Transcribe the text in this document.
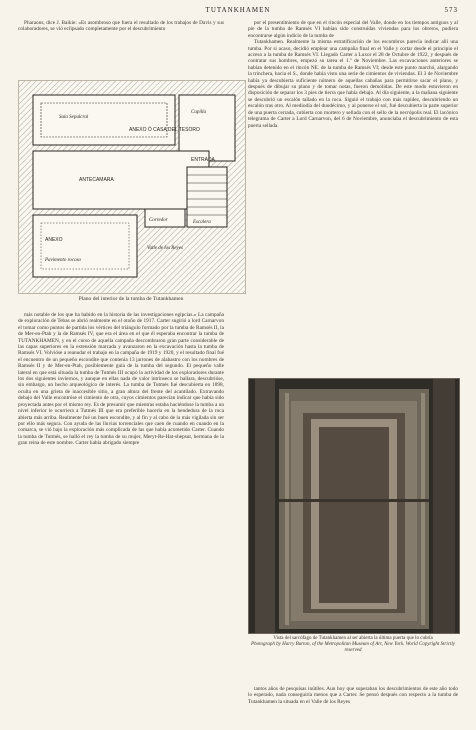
TUTANKHAMEN	573

Pharaons, dice J. Baikie: «Es asombroso que fuera el resultado de los trabajos de Davis y sus colaboradores, se vió eclipsado completamente por el descubrimiento

por el presentimiento de que en el rincón especial del Valle, donde en los tiempos antiguos y al pie de la tumba de Ramsés VI habían sido construídas viviendas para los obreros, pudiera encontrarse algún indicio de la tumba de

Tutankhamen. Realmente la misma estratificación de los escombros parecía indicar allí una tumba. Por si acaso, decidió emplear una campaña final en el Valle y cortar desde el principio el acceso a la tumba de Ramsés VI. Llegado Carter a Luxor el 28 de Octubre de 1922, y después de contratar sus hombres, empezó su tarea el 1.º de Noviembre. Las excavaciones anteriores se habían detenido en el rincón NE. de la tumba de Ramsés VI; desde este punto marchó, alargando la trinchera, hacia el S., donde había visto una serie de cimientos de viviendas. El 3 de Noviembre había ya descubierta suficiente número de aquellas cabañas para permitirse sacar el plano, y después de dibujar su plano y de tomar notas, fueron demolidas. De este modo estuvieron en disposición de separar los 3 pies de tierra que había debajo. Al día siguiente, a la mañana siguiente se descubrió un escalón tallado en la roca. Siguió el trabajo con más rapidez, descubriendo un escalón tras otro. Al mediodía del duodécimo, y al ponerse el sol, fué descubierta la parte superior de una puerta cerrada, cubierta con mortero y sellada con el sello de la necrópolis real. El lacónico telegrama de Carter a Lord Carnarvon, del 6 de Noviembre, anunciaba el descubrimiento de esta puerta sellada.

Sala Sepulcral
Capilla
ANEXO Ó CASA DEL TESORO
ANTECAMARA
ENTRADA
Corredor	Escalera
ANEXO
Pavimento rocoso
Valle de los Reyes
Plano del interior de la tumba de Tutankhamen

más notable de los que ha habido en la historia de las investigaciones egipcias.» La campaña de exploración de Tebas se abrió realmente en el otoño de 1917. Carter sugirió a lord Carnarvon el tomar como puntos de partida los vértices del triángulo formado por la tumba de Ramsés II, la de Mer-en-Ptah y la de Ramsés IV, que era el área en el que él esperaba encontrar la tumba de TUTANKHAMEN, y en el curso de aquella campaña descombraron gran parte considerable de las capas superiores en la extensión marcada y avanzaron en la excavación hasta la tumba de Ramsés VI. Volvióse a reanudar el trabajo en la campaña de 1919 y 1920, y el resultado final fué el encuentro de un pequeño escondite que contenía 13 jarrones de alabastro con los nombres de Ramsés II y de Mer-en-Ptah, posiblemente guía de la tumba del segundo. El pequeño valle lateral en que está situada la tumba de Tutmés III ocupó la actividad de los exploradores durante los dos siguientes inviernos, y aunque en ellas nada de valor intrínseco se hallara, descubrióse, sin embargo, un hecho arqueológico de interés. La tumba de Tutmés fué descubierta en 1898, oculta en una grieta de inaccesible sitio, a gran altura del frente del acantilado. Extravando debajo del Valle encontróse el cimiento de otra, cuyos cimientos parecían indicar que había sido proyectada antes por el mismo rey. Es de presumir que mientras estaba haciéndose la tumba a un nivel inferior le ocurriera a Tutmés III que era preferible hacerla en la hendedura de la roca abierta más arriba. Realmente fué un buen escondite, y al fin y al cabo de la más vigilada sin ser por ello más segura. Con ayuda de las lluvias torrenciales que caen de cuando en cuando en la comarca, se vió bajo la exploración más complicada de las que había acometido Carter. Cuando la tumba de Tutmés, se halló el rey la tumba de su mujer, Meryt-Re-Hat-shepsut, hermana de la gran reina de este nombre. Carter había abrigado siempre

Vista del sarcófago de Tutankhamen al ser abierta la última puerta que lo cubría
Photograph by Harry Burton, of the Metropolitan Museum of Art, New York. World Copyright Strictly reserved

tantos años de pesquisas inútiles. Aun hoy que superaban los descubrimientos de este año todo lo esperado, nada conseguiría menos que a Carter. Se pensó después con respecto a la tumba de Tutankhamen la situada en el Valle de los Reyes
